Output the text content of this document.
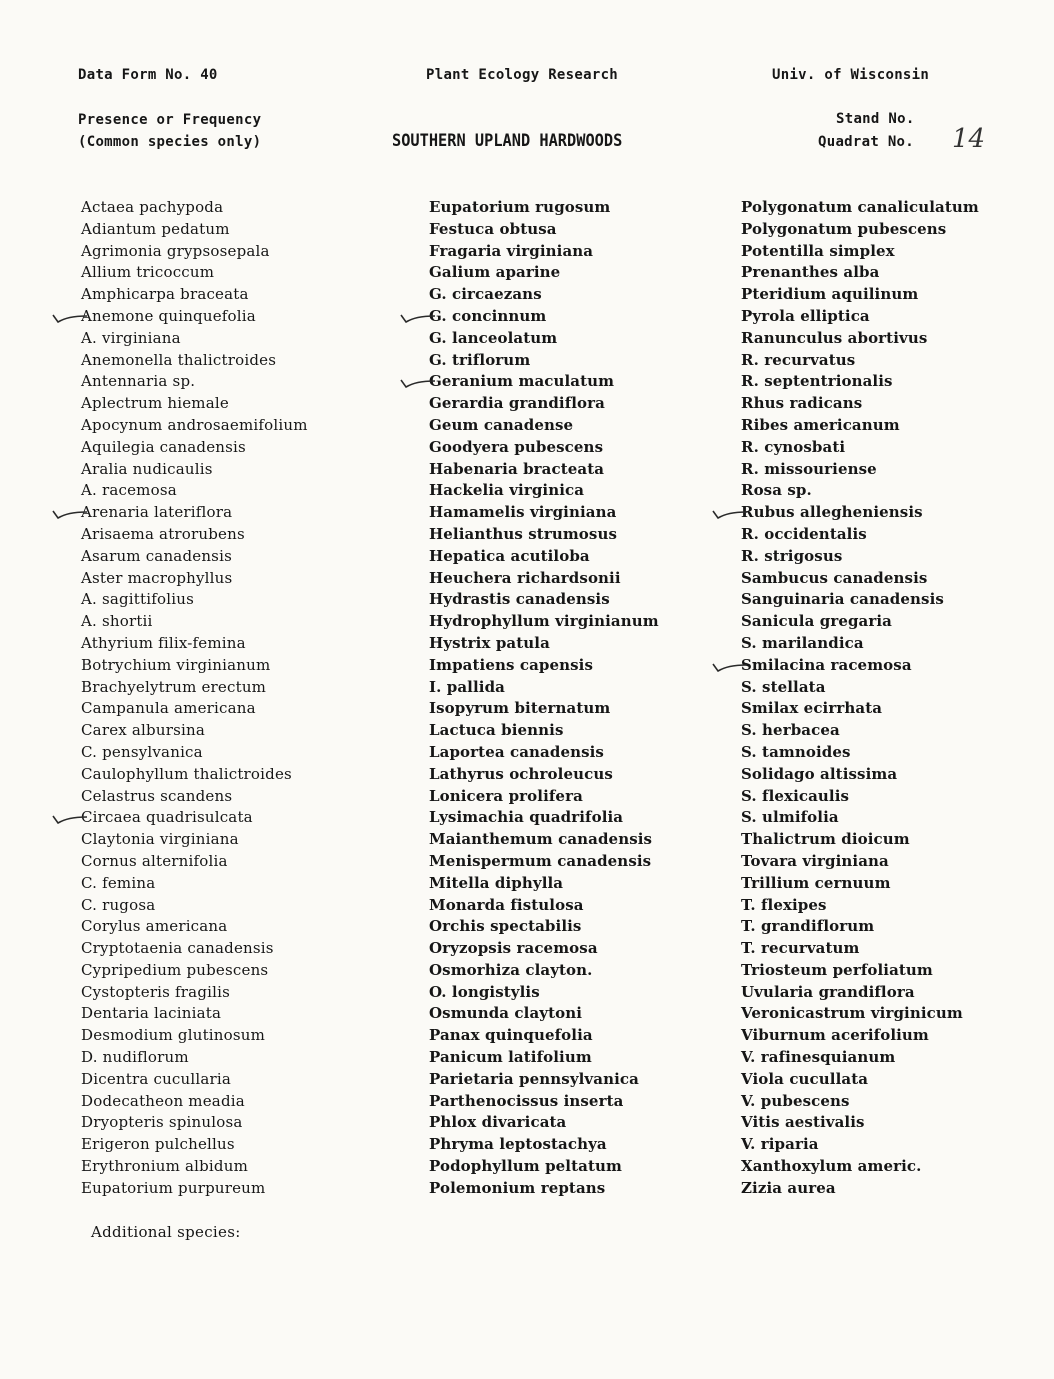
Data Form No. 40	Plant Ecology Research	Univ. of Wisconsin
Presence or Frequency
(Common species only)	SOUTHERN UPLAND HARDWOODS
Stand No.
Quadrat No. 14
Actaea pachypoda
Adiantum pedatum
Agrimonia grypsosepala
Allium tricoccum
Amphicarpa braceata
Anemone quinquefolia
A. virginiana
Anemonella thalictroides
Antennaria sp.
Aplectrum hiemale
Apocynum androsaemifolium
Aquilegia canadensis
Aralia nudicaulis
A. racemosa
Arenaria lateriflora
Arisaema atrorubens
Asarum canadensis
Aster macrophyllus
A. sagittifolius
A. shortii
Athyrium filix-femina
Botrychium virginianum
Brachyelytrum erectum
Campanula americana
Carex albursina
C. pensylvanica
Caulophyllum thalictroides
Celastrus scandens
Circaea quadrisulcata
Claytonia virginiana
Cornus alternifolia
C. femina
C. rugosa
Corylus americana
Cryptotaenia canadensis
Cypripedium pubescens
Cystopteris fragilis
Dentaria laciniata
Desmodium glutinosum
D. nudiflorum
Dicentra cucullaria
Dodecatheon meadia
Dryopteris spinulosa
Erigeron pulchellus
Erythronium albidum
Eupatorium purpureum
Eupatorium rugosum
Festuca obtusa
Fragaria virginiana
Galium aparine
G. circaezans
G. concinnum
G. lanceolatum
G. triflorum
Geranium maculatum
Gerardia grandiflora
Geum canadense
Goodyera pubescens
Habenaria bracteata
Hackelia virginica
Hamamelis virginiana
Helianthus strumosus
Hepatica acutiloba
Heuchera richardsonii
Hydrastis canadensis
Hydrophyllum virginianum
Hystrix patula
Impatiens capensis
I. pallida
Isopyrum biternatum
Lactuca biennis
Laportea canadensis
Lathyrus ochroleucus
Lonicera prolifera
Lysimachia quadrifolia
Maianthemum canadensis
Menispermum canadensis
Mitella diphylla
Monarda fistulosa
Orchis spectabilis
Oryzopsis racemosa
Osmorhiza clayton.
O. longistylis
Osmunda claytoni
Panax quinquefolia
Panicum latifolium
Parietaria pennsylvanica
Parthenocissus inserta
Phlox divaricata
Phryma leptostachya
Podophyllum peltatum
Polemonium reptans
Polygonatum canaliculatum
Polygonatum pubescens
Potentilla simplex
Prenanthes alba
Pteridium aquilinum
Pyrola elliptica
Ranunculus abortivus
R. recurvatus
R. septentrionalis
Rhus radicans
Ribes americanum
R. cynosbati
R. missouriense
Rosa sp.
Rubus allegheniensis
R. occidentalis
R. strigosus
Sambucus canadensis
Sanguinaria canadensis
Sanicula gregaria
S. marilandica
Smilacina racemosa
S. stellata
Smilax ecirrhata
S. herbacea
S. tamnoides
Solidago altissima
S. flexicaulis
S. ulmifolia
Thalictrum dioicum
Tovara virginiana
Trillium cernuum
T. flexipes
T. grandiflorum
T. recurvatum
Triosteum perfoliatum
Uvularia grandiflora
Veronicastrum virginicum
Viburnum acerifolium
V. rafinesquianum
Viola cucullata
V. pubescens
Vitis aestivalis
V. riparia
Xanthoxylum americ.
Zizia aurea
Additional species:
